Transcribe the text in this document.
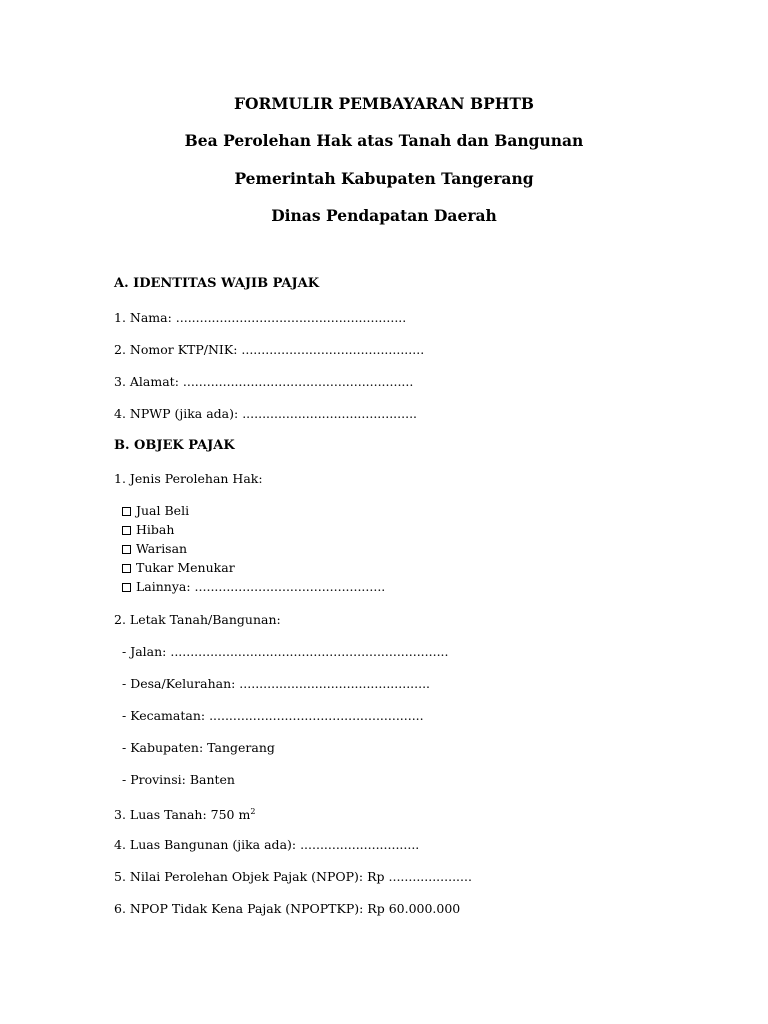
FORMULIR PEMBAYARAN BPHTB
Bea Perolehan Hak atas Tanah dan Bangunan
Pemerintah Kabupaten Tangerang
Dinas Pendapatan Daerah
A. IDENTITAS WAJIB PAJAK
1. Nama: ..........................................................
2. Nomor KTP/NIK: ..............................................
3. Alamat: ..........................................................
4. NPWP (jika ada): ............................................
B. OBJEK PAJAK
1. Jenis Perolehan Hak:
Jual Beli
Hibah
Warisan
Tukar Menukar
Lainnya: ................................................
2. Letak Tanah/Bangunan:
- Jalan: ......................................................................
- Desa/Kelurahan: ................................................
- Kecamatan: ......................................................
- Kabupaten: Tangerang
- Provinsi: Banten
3. Luas Tanah: 750 $m^2$
4. Luas Bangunan (jika ada): ..............................
5. Nilai Perolehan Objek Pajak (NPOP): Rp .....................
6. NPOP Tidak Kena Pajak (NPOPTKP): Rp 60.000.000
